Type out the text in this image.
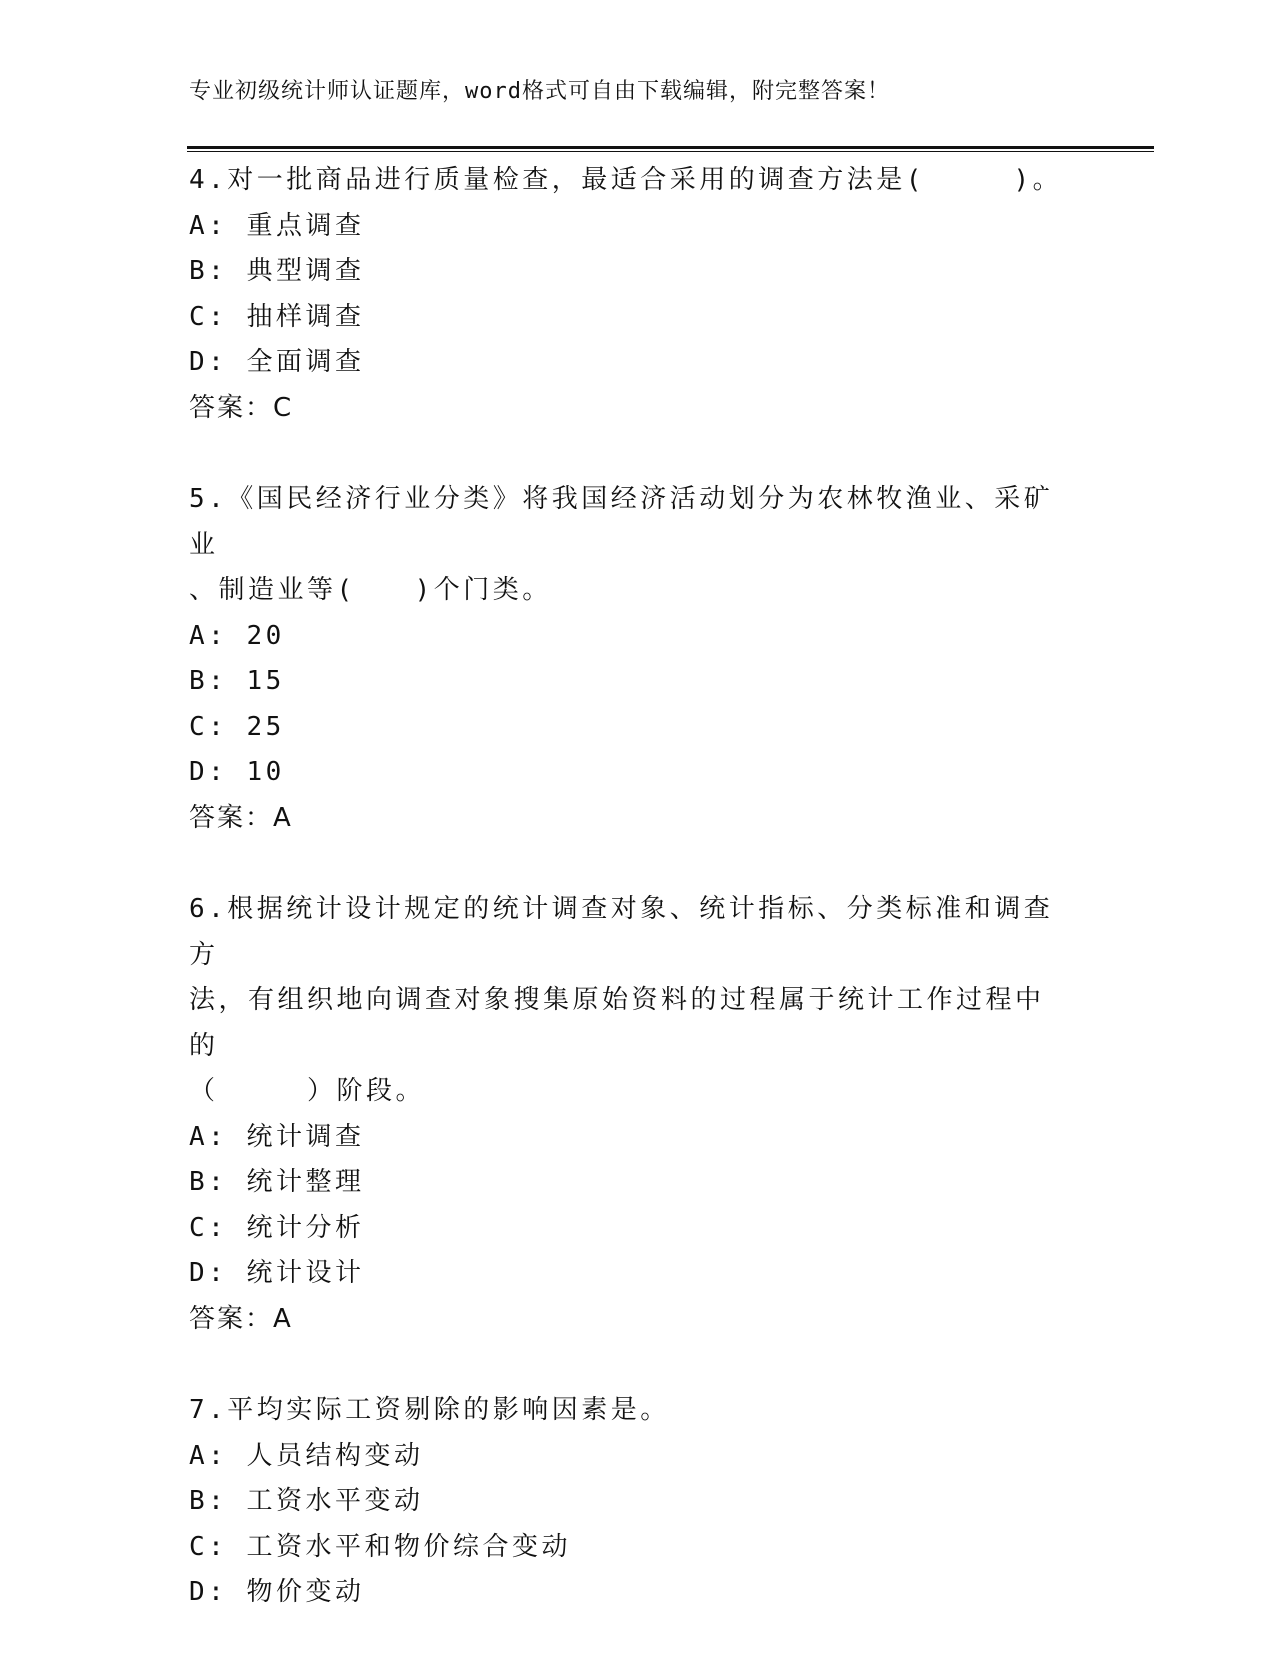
专业初级统计师认证题库，word格式可自由下载编辑，附完整答案！
4.对一批商品进行质量检查，最适合采用的调查方法是(　　　)。
A: 重点调查
B: 典型调查
C: 抽样调查
D: 全面调查
答案：C
5.《国民经济行业分类》将我国经济活动划分为农林牧渔业、采矿业
、制造业等(　　)个门类。
A: 20
B: 15
C: 25
D: 10
答案：A
6.根据统计设计规定的统计调查对象、统计指标、分类标准和调查方
法，有组织地向调查对象搜集原始资料的过程属于统计工作过程中的
（　　　）阶段。
A: 统计调查
B: 统计整理
C: 统计分析
D: 统计设计
答案：A
7.平均实际工资剔除的影响因素是。
A: 人员结构变动
B: 工资水平变动
C: 工资水平和物价综合变动
D: 物价变动
